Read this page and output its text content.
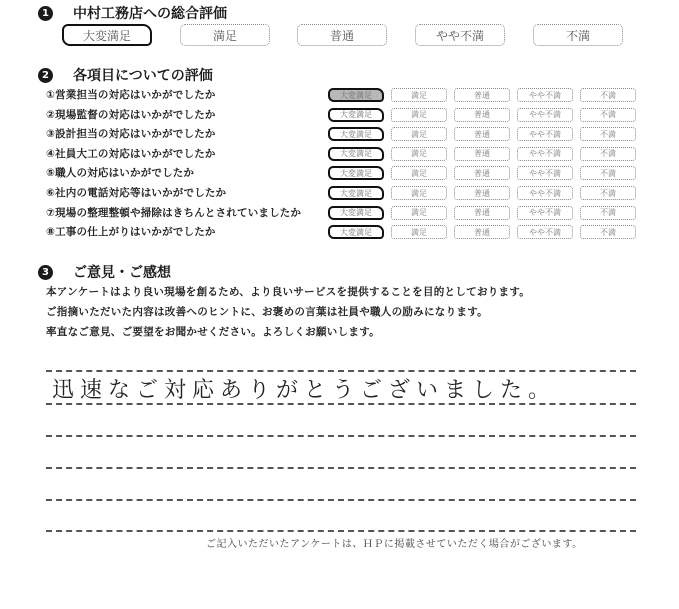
1 中村工務店への総合評価
大変満足	満足	普通	やや不満	不満
2 各項目についての評価
①営業担当の対応はいかがでしたか	大変満足	満足	普通	やや不満	不満
②現場監督の対応はいかがでしたか	大変満足	満足	普通	やや不満	不満
③設計担当の対応はいかがでしたか	大変満足	満足	普通	やや不満	不満
④社員大工の対応はいかがでしたか	大変満足	満足	普通	やや不満	不満
⑤職人の対応はいかがでしたか	大変満足	満足	普通	やや不満	不満
⑥社内の電話対応等はいかがでしたか	大変満足	満足	普通	やや不満	不満
⑦現場の整理整頓や掃除はきちんとされていましたか	大変満足	満足	普通	やや不満	不満
⑧工事の仕上がりはいかがでしたか	大変満足	満足	普通	やや不満	不満
3 ご意見・ご感想
本アンケートはより良い現場を創るため、より良いサービスを提供することを目的としております。
ご指摘いただいた内容は改善へのヒントに、お褒めの言葉は社員や職人の励みになります。
率直なご意見、ご要望をお聞かせください。よろしくお願いします。
迅速なご対応ありがとうございました。
ご記入いただいたアンケートは、ＨＰに掲載させていただく場合がございます。
